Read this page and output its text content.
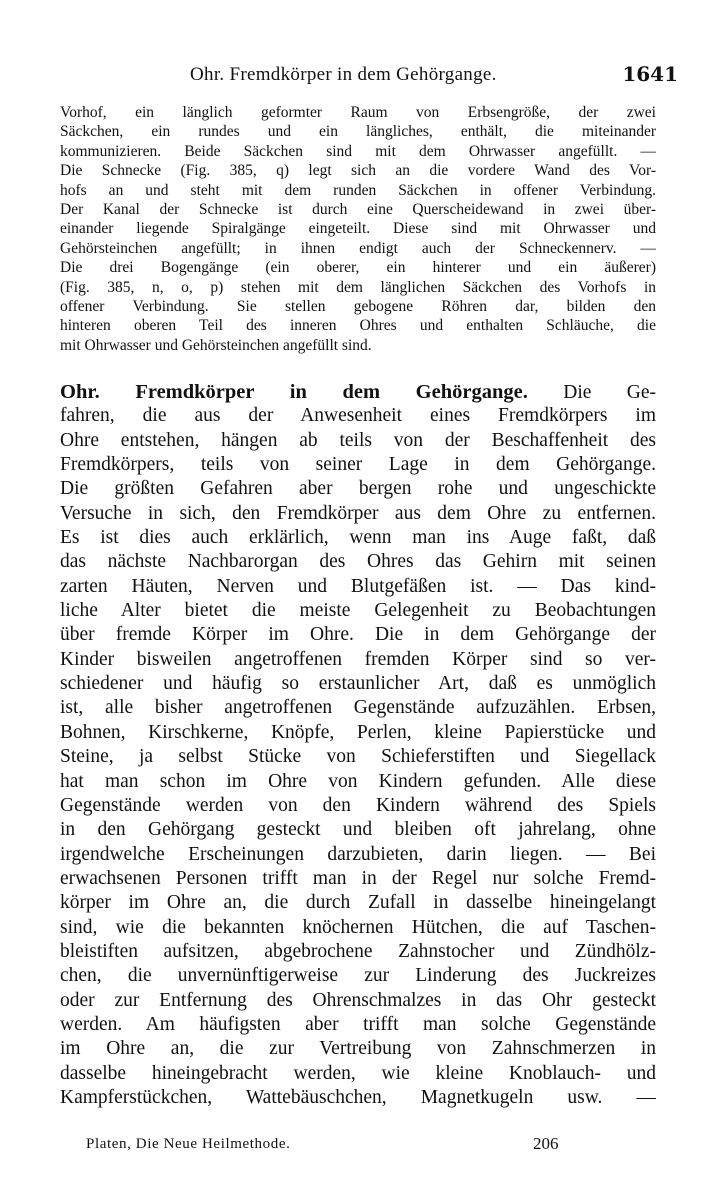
Ohr. Fremdkörper in dem Gehörgange.	1641
Vorhof, ein länglich geformter Raum von Erbsengröße, der zwei
Säckchen, ein rundes und ein längliches, enthält, die miteinander
kommunizieren. Beide Säckchen sind mit dem Ohrwasser angefüllt. —
Die Schnecke (Fig. 385, q) legt sich an die vordere Wand des Vor-
hofs an und steht mit dem runden Säckchen in offener Verbindung.
Der Kanal der Schnecke ist durch eine Querscheidewand in zwei über-
einander liegende Spiralgänge eingeteilt. Diese sind mit Ohrwasser und
Gehörsteinchen angefüllt; in ihnen endigt auch der Schneckennerv. —
Die drei Bogengänge (ein oberer, ein hinterer und ein äußerer)
(Fig. 385, n, o, p) stehen mit dem länglichen Säckchen des Vorhofs in
offener Verbindung. Sie stellen gebogene Röhren dar, bilden den
hinteren oberen Teil des inneren Ohres und enthalten Schläuche, die
mit Ohrwasser und Gehörsteinchen angefüllt sind.
Ohr. Fremdkörper in dem Gehörgange. Die Ge-
fahren, die aus der Anwesenheit eines Fremdkörpers im
Ohre entstehen, hängen ab teils von der Beschaffenheit des
Fremdkörpers, teils von seiner Lage in dem Gehörgange.
Die größten Gefahren aber bergen rohe und ungeschickte
Versuche in sich, den Fremdkörper aus dem Ohre zu entfernen.
Es ist dies auch erklärlich, wenn man ins Auge faßt, daß
das nächste Nachbarorgan des Ohres das Gehirn mit seinen
zarten Häuten, Nerven und Blutgefäßen ist. — Das kind-
liche Alter bietet die meiste Gelegenheit zu Beobachtungen
über fremde Körper im Ohre. Die in dem Gehörgange der
Kinder bisweilen angetroffenen fremden Körper sind so ver-
schiedener und häufig so erstaunlicher Art, daß es unmöglich
ist, alle bisher angetroffenen Gegenstände aufzuzählen. Erbsen,
Bohnen, Kirschkerne, Knöpfe, Perlen, kleine Papierstücke und
Steine, ja selbst Stücke von Schieferstiften und Siegellack
hat man schon im Ohre von Kindern gefunden. Alle diese
Gegenstände werden von den Kindern während des Spiels
in den Gehörgang gesteckt und bleiben oft jahrelang, ohne
irgendwelche Erscheinungen darzubieten, darin liegen. — Bei
erwachsenen Personen trifft man in der Regel nur solche Fremd-
körper im Ohre an, die durch Zufall in dasselbe hineingelangt
sind, wie die bekannten knöchernen Hütchen, die auf Taschen-
bleistiften aufsitzen, abgebrochene Zahnstocher und Zündhölz-
chen, die unvernünftigerweise zur Linderung des Juckreizes
oder zur Entfernung des Ohrenschmalzes in das Ohr gesteckt
werden. Am häufigsten aber trifft man solche Gegenstände
im Ohre an, die zur Vertreibung von Zahnschmerzen in
dasselbe hineingebracht werden, wie kleine Knoblauch- und
Kampferstückchen, Wattebäuschchen, Magnetkugeln usw. —
Platen, Die Neue Heilmethode.	206
